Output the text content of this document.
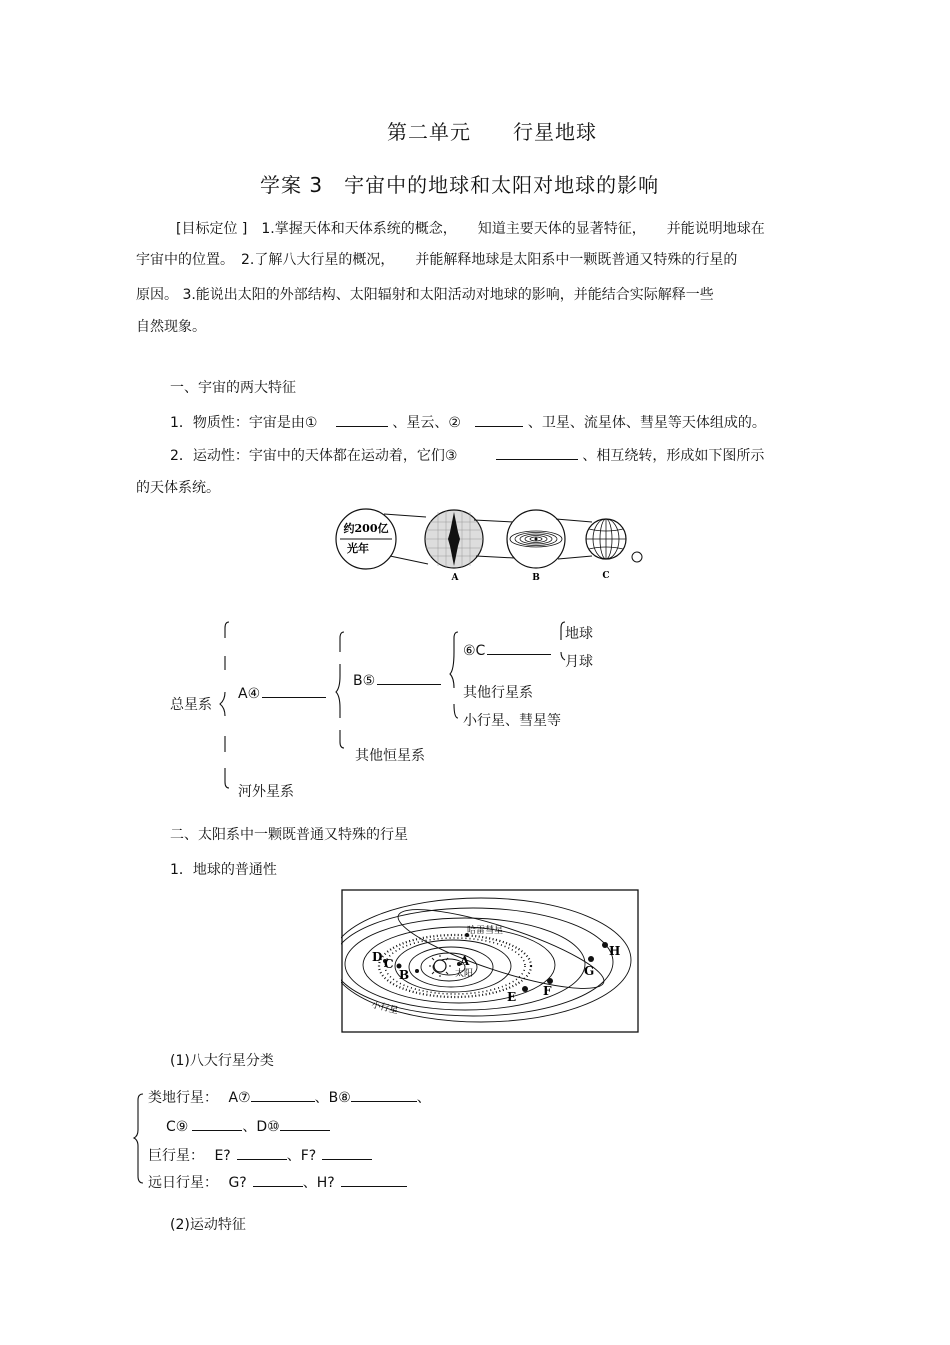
第二单元　　行星地球
学案 3　宇宙中的地球和太阳对地球的影响
[目标定位 ]　1.掌握天体和天体系统的概念，　　知道主要天体的显著特征，　　并能说明地球在
宇宙中的位置。　2.了解八大行星的概况，　　并能解释地球是太阳系中一颗既普通又特殊的行星的
原因。 3.能说出太阳的外部结构、太阳辐射和太阳活动对地球的影响，并能结合实际解释一些
自然现象。
一、宇宙的两大特征
1．物质性：宇宙是由①	、星云、②	、卫星、流星体、彗星等天体组成的。
2．运动性：宇宙中的天体都在运动着，它们③	、相互绕转，形成如下图所示
的天体系统。
约200亿
光年
A	B	C
总星系
A④
B⑤
⑥C
地球
月球
其他行星系
小行星、彗星等
其他恒星系
河外星系
二、太阳系中一颗既普通又特殊的行星
1．地球的普通性
哈雷彗星
太阳
小行星
A
B
C
D
E F
G
H
(1)八大行星分类
类地行星： A⑦	、B⑧	、
C⑨	、D⑩
巨行星： E?	、F?
远日行星： G?	、H?
(2)运动特征
